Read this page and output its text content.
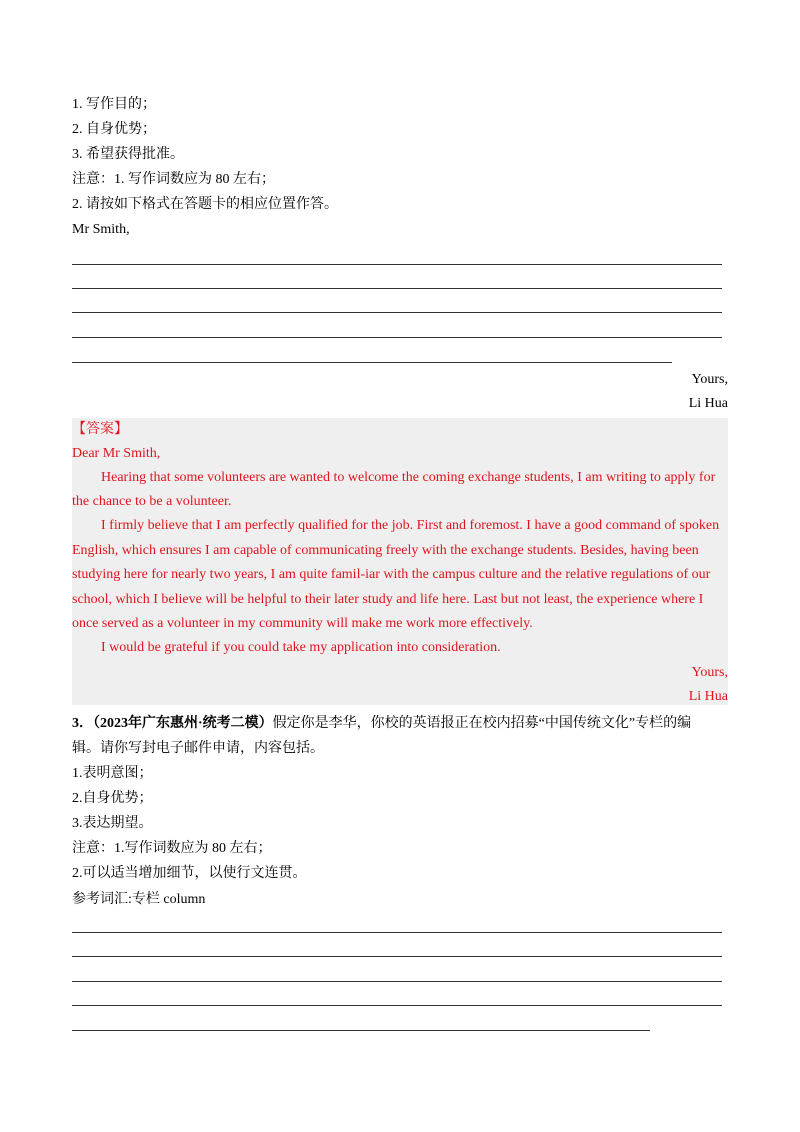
1. 写作目的；
2. 自身优势；
3. 希望获得批准。
注意：1. 写作词数应为 80 左右；
2. 请按如下格式在答题卡的相应位置作答。
Mr Smith,
Yours,
Li Hua
【答案】
Dear Mr Smith,
Hearing that some volunteers are wanted to welcome the coming exchange students, I am writing to apply for
the chance to be a volunteer.
I firmly believe that I am perfectly qualified for the job. First and foremost. I have a good command of spoken
English, which ensures I am capable of communicating freely with the exchange students. Besides, having been
studying here for nearly two years, I am quite famil-iar with the campus culture and the relative regulations of our
school, which I believe will be helpful to their later study and life here. Last but not least, the experience where I
once served as a volunteer in my community will make me work more effectively.
I would be grateful if you could take my application into consideration.
Yours,
Li Hua
3．（2023年广东惠州·统考二模）假定你是李华，你校的英语报正在校内招募“中国传统文化”专栏的编
辑。请你写封电子邮件申请，内容包括。
1.表明意图；
2.自身优势；
3.表达期望。
注意：1.写作词数应为 80 左右；
2.可以适当增加细节，以使行文连贯。
参考词汇:专栏 column
